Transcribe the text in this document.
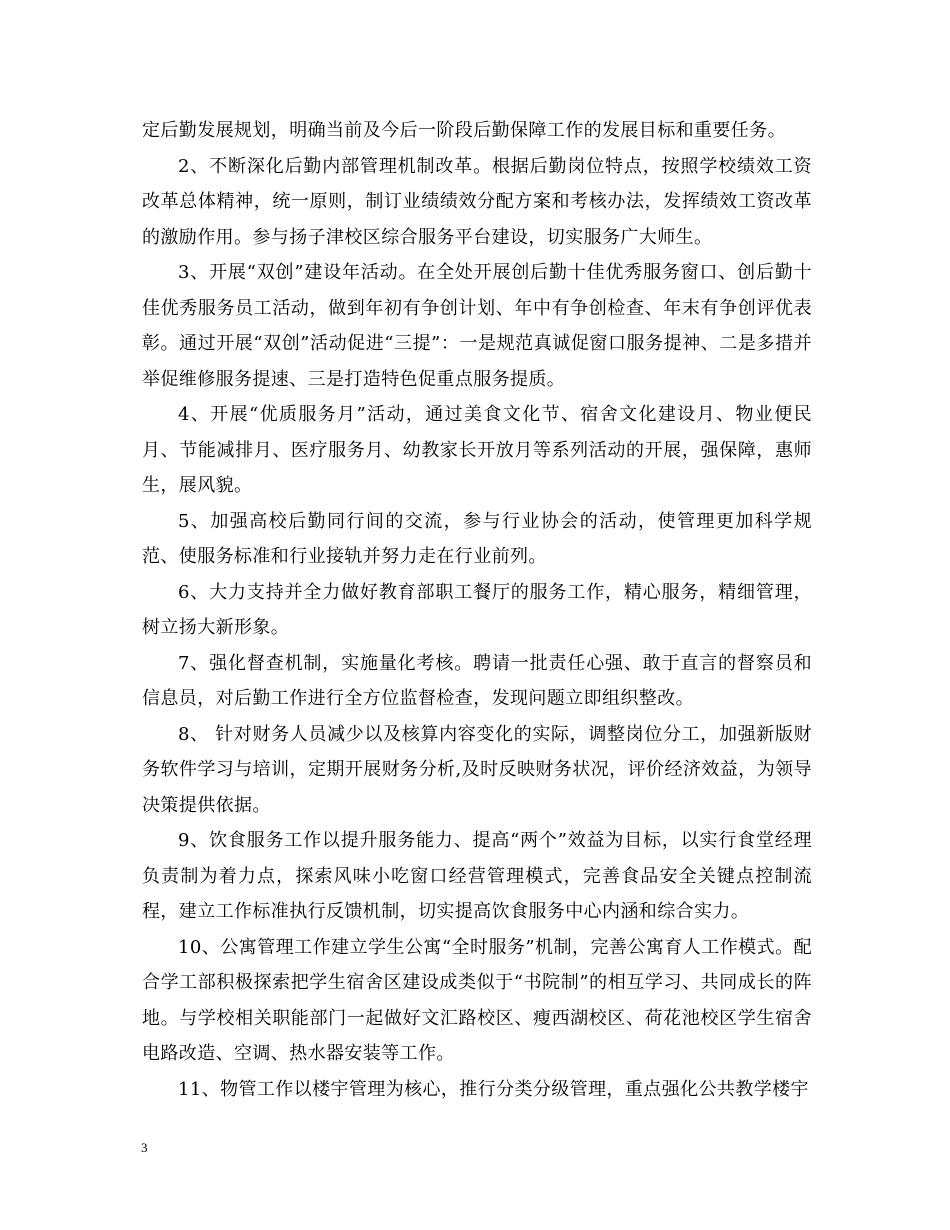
定后勤发展规划，明确当前及今后一阶段后勤保障工作的发展目标和重要任务。

2、不断深化后勤内部管理机制改革。根据后勤岗位特点，按照学校绩效工资改革总体精神，统一原则，制订业绩绩效分配方案和考核办法，发挥绩效工资改革的激励作用。参与扬子津校区综合服务平台建设，切实服务广大师生。

3、开展“双创”建设年活动。在全处开展创后勤十佳优秀服务窗口、创后勤十佳优秀服务员工活动，做到年初有争创计划、年中有争创检查、年末有争创评优表彰。通过开展“双创”活动促进“三提”：一是规范真诚促窗口服务提神、二是多措并举促维修服务提速、三是打造特色促重点服务提质。

4、开展“优质服务月”活动，通过美食文化节、宿舍文化建设月、物业便民月、节能减排月、医疗服务月、幼教家长开放月等系列活动的开展，强保障，惠师生，展风貌。

5、加强高校后勤同行间的交流，参与行业协会的活动，使管理更加科学规范、使服务标准和行业接轨并努力走在行业前列。

6、大力支持并全力做好教育部职工餐厅的服务工作，精心服务，精细管理，树立扬大新形象。

7、强化督查机制，实施量化考核。聘请一批责任心强、敢于直言的督察员和信息员，对后勤工作进行全方位监督检查，发现问题立即组织整改。

8、 针对财务人员减少以及核算内容变化的实际，调整岗位分工，加强新版财务软件学习与培训，定期开展财务分析,及时反映财务状况，评价经济效益，为领导决策提供依据。

9、饮食服务工作以提升服务能力、提高“两个”效益为目标，以实行食堂经理负责制为着力点，探索风味小吃窗口经营管理模式，完善食品安全关键点控制流程，建立工作标准执行反馈机制，切实提高饮食服务中心内涵和综合实力。

10、公寓管理工作建立学生公寓“全时服务”机制，完善公寓育人工作模式。配合学工部积极探索把学生宿舍区建设成类似于“书院制”的相互学习、共同成长的阵地。与学校相关职能部门一起做好文汇路校区、瘦西湖校区、荷花池校区学生宿舍电路改造、空调、热水器安装等工作。

11、物管工作以楼宇管理为核心，推行分类分级管理，重点强化公共教学楼宇

3
